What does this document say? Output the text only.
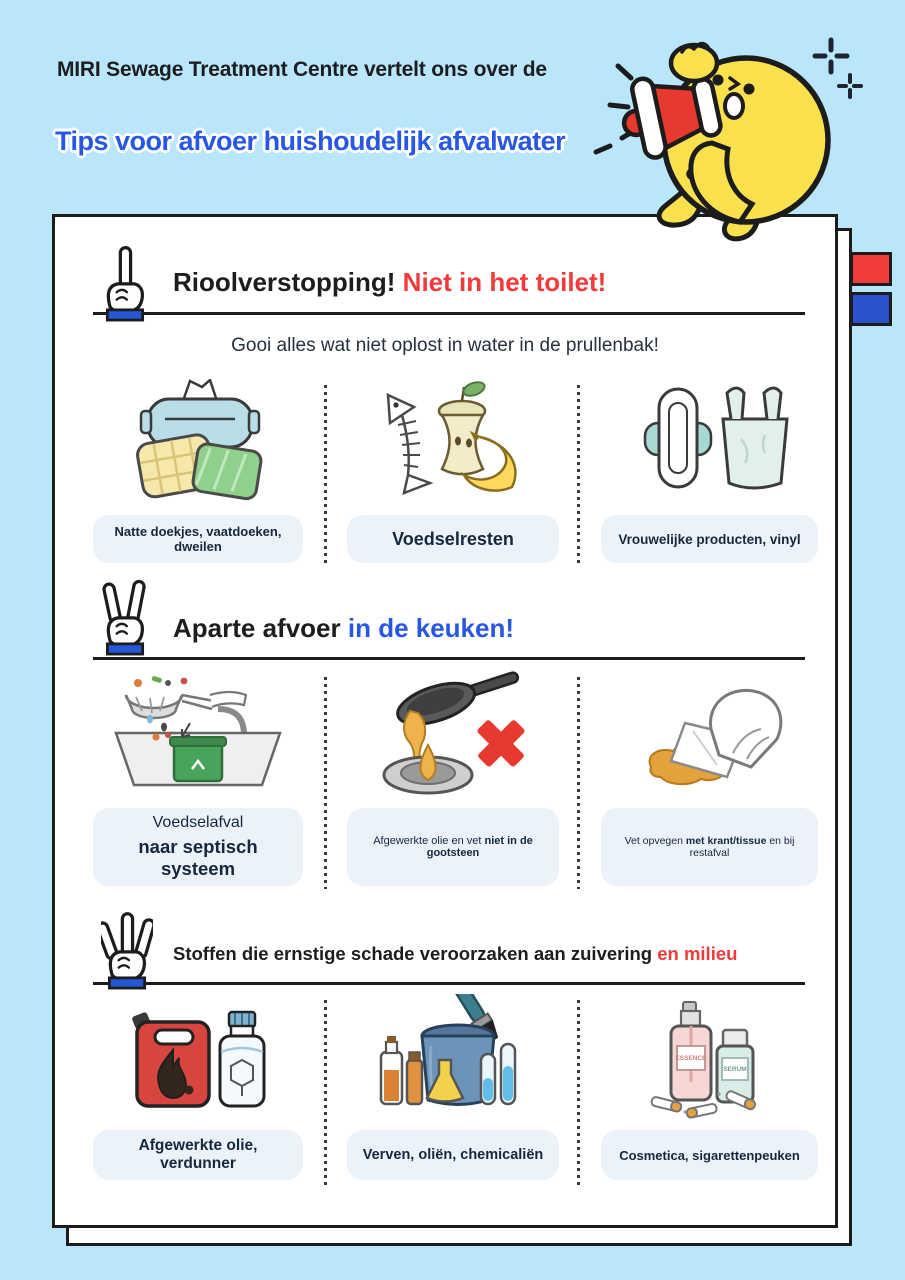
MIRI Sewage Treatment Centre vertelt ons over de
Tips voor afvoer huishoudelijk afvalwater
Rioolverstopping! Niet in het toilet!
Gooi alles wat niet oplost in water in de prullenbak!
Natte doekjes, vaatdoeken, dweilen	Voedselresten	Vrouwelijke producten, vinyl
Aparte afvoer in de keuken!
Voedselafval
naar septisch systeem
Afgewerkte olie en vet niet in de gootsteen
Vet opvegen met krant/tissue en bij restafval
Stoffen die ernstige schade veroorzaken aan zuivering en milieu
ESSENCE
SERUM
Afgewerkte olie, verdunner	Verven, oliën, chemicaliën	Cosmetica, sigarettenpeuken
